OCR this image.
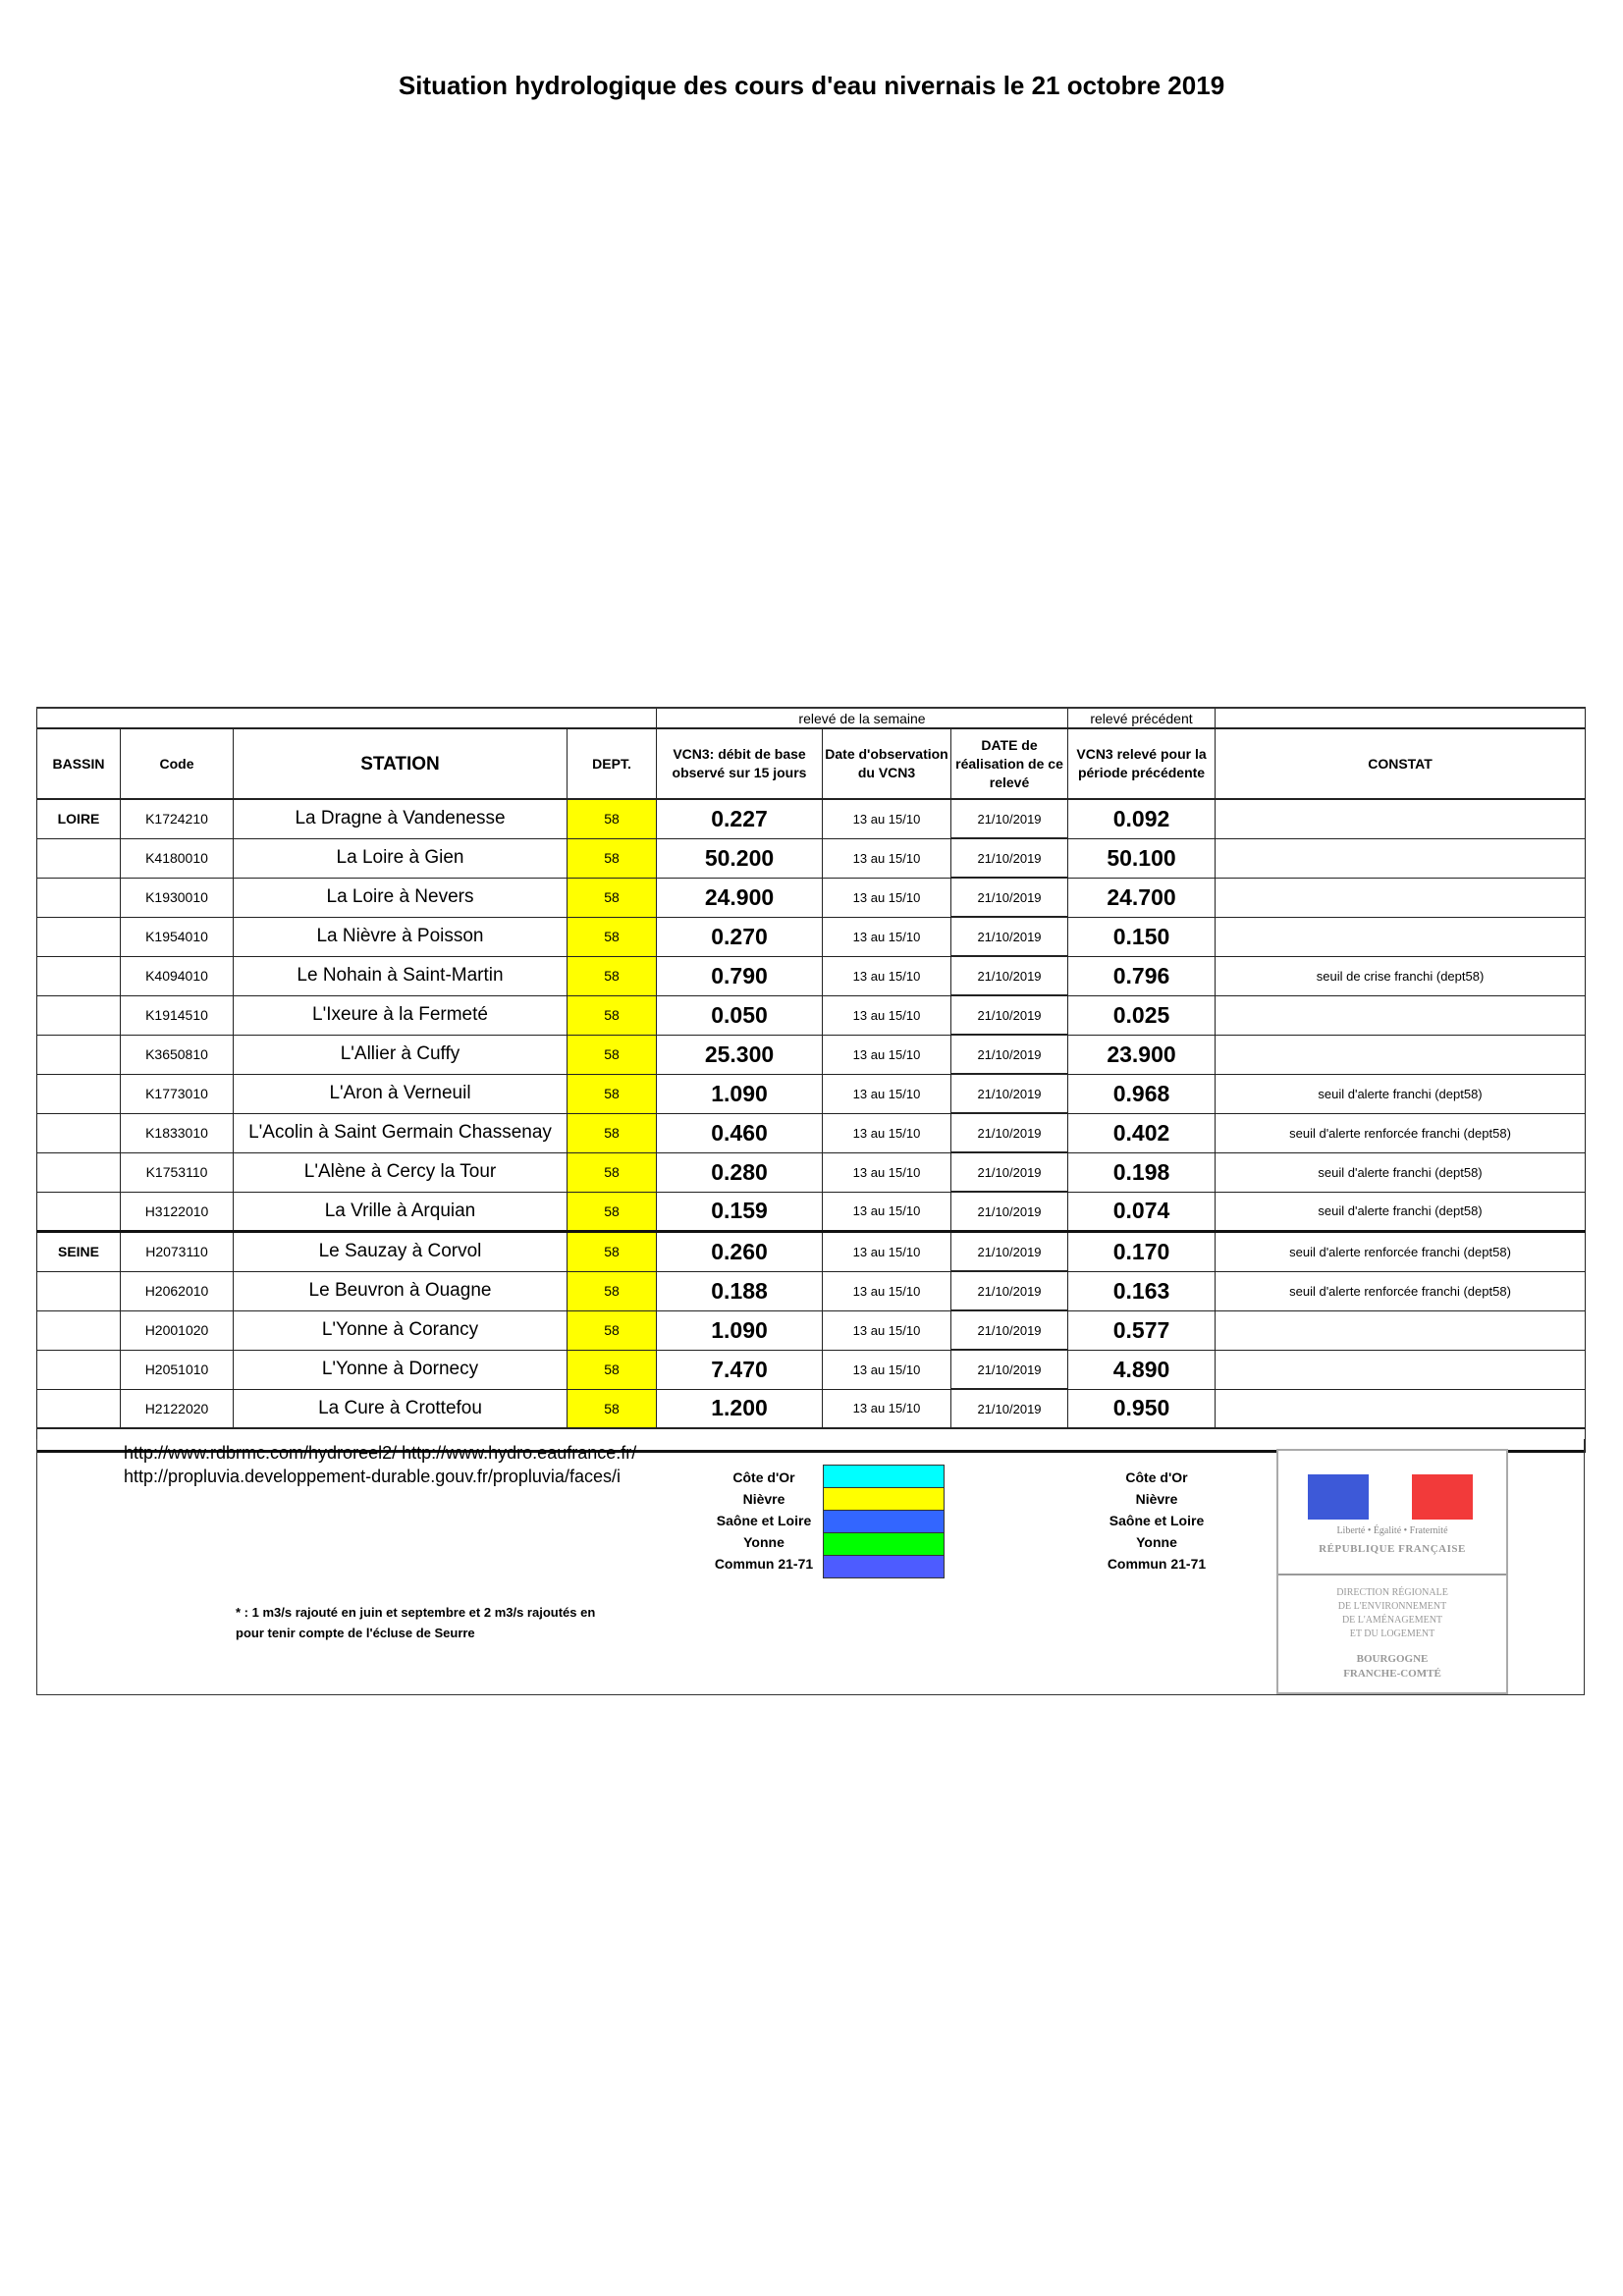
Situation hydrologique des cours d'eau nivernais le 21 octobre 2019
				relevé de la semaine			relevé précédent	
BASSIN	Code	STATION	DEPT.	VCN3: débit de base observé sur 15 jours	Date d'observation du VCN3	DATE de réalisation de ce relevé	VCN3 relevé pour la période précédente	CONSTAT
LOIRE	K1724210	La Dragne à Vandenesse	58	0.227	13 au 15/10	21/10/2019	0.092	
	K4180010	La Loire à Gien	58	50.200	13 au 15/10	21/10/2019	50.100	
	K1930010	La Loire à Nevers	58	24.900	13 au 15/10	21/10/2019	24.700	
	K1954010	La Nièvre à Poisson	58	0.270	13 au 15/10	21/10/2019	0.150	
	K4094010	Le Nohain à Saint-Martin	58	0.790	13 au 15/10	21/10/2019	0.796	seuil de crise franchi (dept58)
	K1914510	L'Ixeure à la Fermeté	58	0.050	13 au 15/10	21/10/2019	0.025	
	K3650810	L'Allier à Cuffy	58	25.300	13 au 15/10	21/10/2019	23.900	
	K1773010	L'Aron à Verneuil	58	1.090	13 au 15/10	21/10/2019	0.968	seuil d'alerte franchi (dept58)
	K1833010	L'Acolin à Saint Germain Chassenay	58	0.460	13 au 15/10	21/10/2019	0.402	seuil d'alerte renforcée franchi (dept58)
	K1753110	L'Alène à Cercy la Tour	58	0.280	13 au 15/10	21/10/2019	0.198	seuil d'alerte franchi (dept58)
	H3122010	La Vrille à Arquian	58	0.159	13 au 15/10	21/10/2019	0.074	seuil d'alerte franchi (dept58)
SEINE	H2073110	Le Sauzay à Corvol	58	0.260	13 au 15/10	21/10/2019	0.170	seuil d'alerte renforcée franchi (dept58)
	H2062010	Le Beuvron à Ouagne	58	0.188	13 au 15/10	21/10/2019	0.163	seuil d'alerte renforcée franchi (dept58)
	H2001020	L'Yonne à Corancy	58	1.090	13 au 15/10	21/10/2019	0.577	
	H2051010	L'Yonne à Dornecy	58	7.470	13 au 15/10	21/10/2019	4.890	
	H2122020	La Cure à Crottefou	58	1.200	13 au 15/10	21/10/2019	0.950	

http://www.rdbrmc.com/hydroreel2/ http://www.hydro.eaufrance.fr/ http://propluvia.developpement-durable.gouv.fr/propluvia/faces/i
* : 1 m3/s rajouté en juin et septembre et 2 m3/s rajoutés en
pour tenir compte de l'écluse de Seurre
Côte d'Or
Nièvre
Saône et Loire
Yonne
Commun 21-71
Côte d'Or
Nièvre
Saône et Loire
Yonne
Commun 21-71
Liberté • Égalité • Fraternité
RÉPUBLIQUE FRANÇAISE
DIRECTION RÉGIONALE
DE L'ENVIRONNEMENT
DE L'AMÉNAGEMENT
ET DU LOGEMENT
BOURGOGNE
FRANCHE-COMTÉ
